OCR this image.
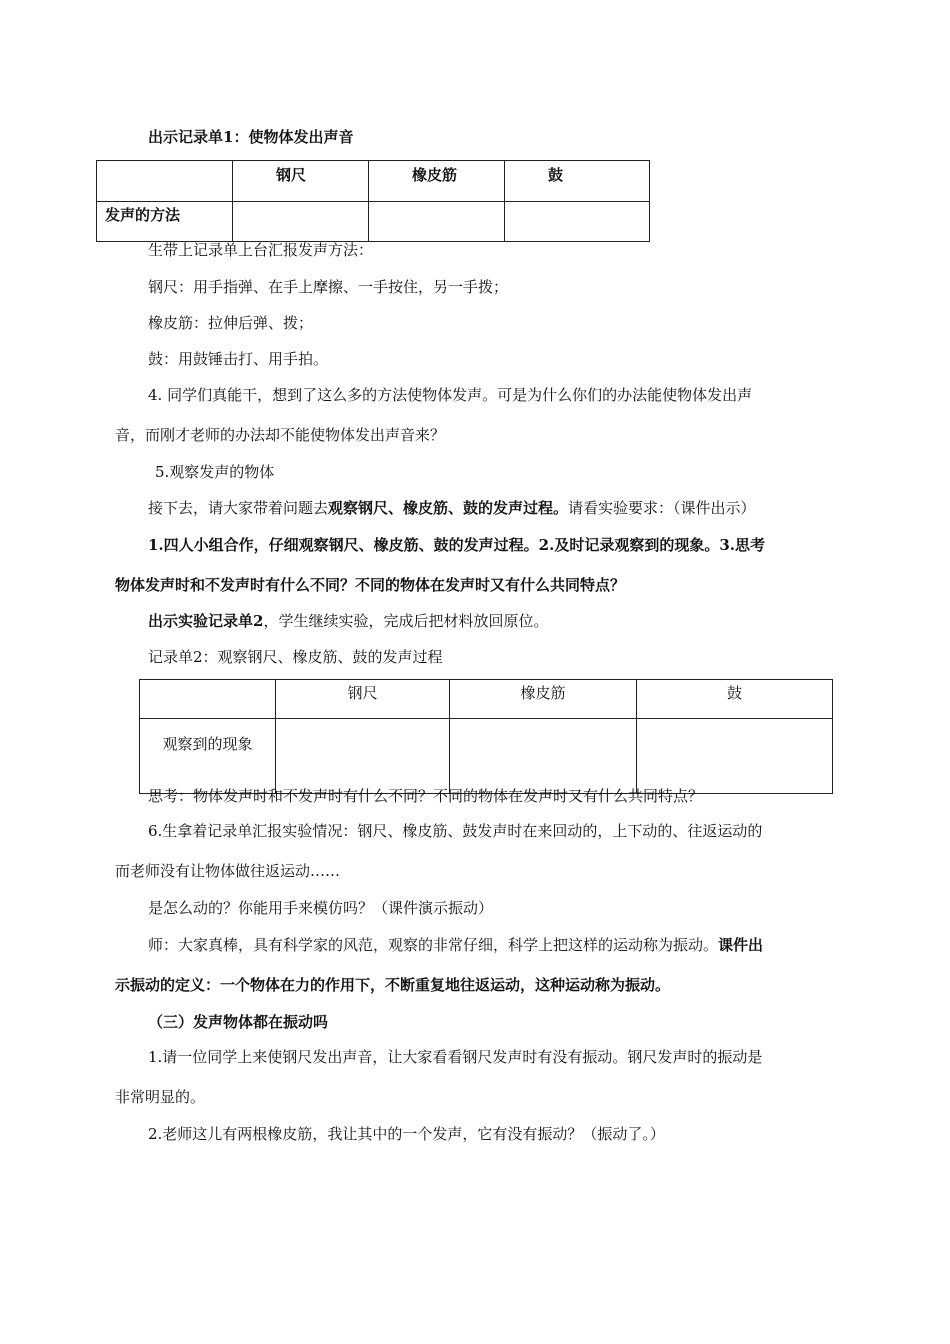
出示记录单1：使物体发出声音

	钢尺	橡皮筋	鼓
发声的方法			

生带上记录单上台汇报发声方法：

钢尺：用手指弹、在手上摩擦、一手按住，另一手拨；

橡皮筋：拉伸后弹、拨；

鼓：用鼓锤击打、用手拍。

4. 同学们真能干，想到了这么多的方法使物体发声。可是为什么你们的办法能使物体发出声

音，而刚才老师的办法却不能使物体发出声音来？

5.观察发声的物体

接下去，请大家带着问题去观察钢尺、橡皮筋、鼓的发声过程。请看实验要求：（课件出示）

1.四人小组合作，仔细观察钢尺、橡皮筋、鼓的发声过程。2.及时记录观察到的现象。3.思考

物体发声时和不发声时有什么不同？不同的物体在发声时又有什么共同特点？

出示实验记录单2，学生继续实验，完成后把材料放回原位。

记录单2：观察钢尺、橡皮筋、鼓的发声过程

	钢尺	橡皮筋	鼓
观察到的现象			

思考：物体发声时和不发声时有什么不同？不同的物体在发声时又有什么共同特点？

6.生拿着记录单汇报实验情况：钢尺、橡皮筋、鼓发声时在来回动的，上下动的、往返运动的

而老师没有让物体做往返运动……

是怎么动的？你能用手来模仿吗？（课件演示振动）

师：大家真棒，具有科学家的风范，观察的非常仔细，科学上把这样的运动称为振动。课件出

示振动的定义：一个物体在力的作用下，不断重复地往返运动，这种运动称为振动。

（三）发声物体都在振动吗

1.请一位同学上来使钢尺发出声音，让大家看看钢尺发声时有没有振动。钢尺发声时的振动是

非常明显的。

2.老师这儿有两根橡皮筋，我让其中的一个发声，它有没有振动？（振动了。）
